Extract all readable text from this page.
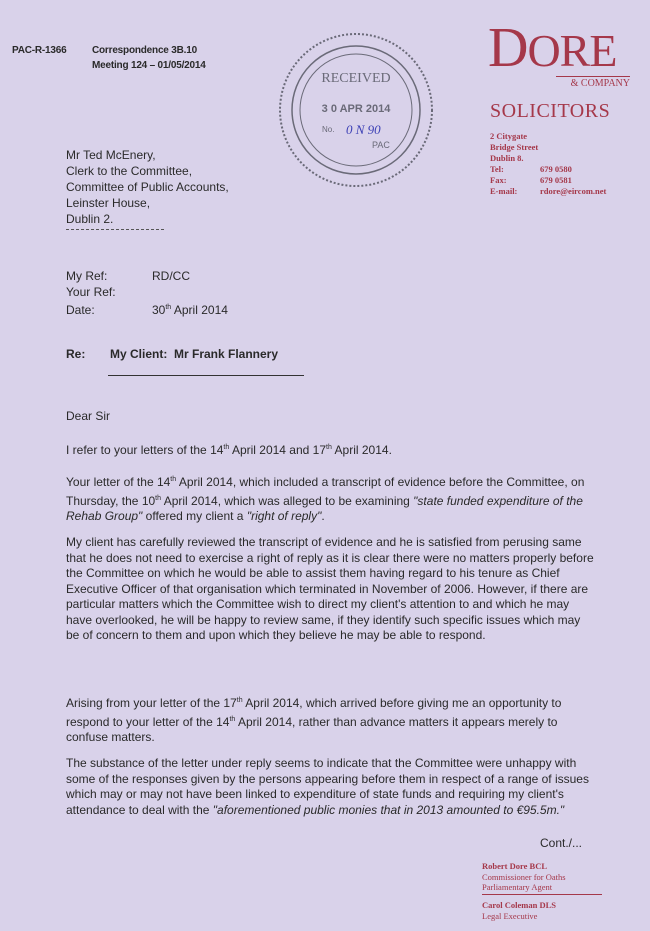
PAC-R-1366	Correspondence 3B.10
Meeting 124 – 01/05/2014
RECEIVED
3 0 APR 2014
No. 0 N 90
PAC
DORE
& COMPANY
SOLICITORS
2 Citygate
Bridge Street
Dublin 8.
Tel:	679 0580
Fax:	679 0581
E-mail:	rdore@eircom.net
Mr Ted McEnery,
Clerk to the Committee,
Committee of Public Accounts,
Leinster House,
Dublin 2.
My Ref:	RD/CC
Your Ref:
Date:	30th April 2014
Re: My Client:  Mr Frank Flannery
Dear Sir
I refer to your letters of the 14th April 2014 and 17th April 2014.
Your letter of the 14th April 2014, which included a transcript of evidence before the Committee, on Thursday, the 10th April 2014, which was alleged to be examining "state funded expenditure of the Rehab Group" offered my client a "right of reply".
My client has carefully reviewed the transcript of evidence and he is satisfied from perusing same that he does not need to exercise a right of reply as it is clear there were no matters properly before the Committee on which he would be able to assist them having regard to his tenure as Chief Executive Officer of that organisation which terminated in November of 2006. However, if there are particular matters which the Committee wish to direct my client's attention to and which he may have overlooked, he will be happy to review same, if they identify such specific issues which may be of concern to them and upon which they believe he may be able to respond.
Arising from your letter of the 17th April 2014, which arrived before giving me an opportunity to respond to your letter of the 14th April 2014, rather than advance matters it appears merely to confuse matters.
The substance of the letter under reply seems to indicate that the Committee were unhappy with some of the responses given by the persons appearing before them in respect of a range of issues which may or may not have been linked to expenditure of state funds and requiring my client's attendance to deal with the "aforementioned public monies that in 2013 amounted to €95.5m."
Cont./...
Robert Dore BCL
Commissioner for Oaths
Parliamentary Agent
Carol Coleman DLS
Legal Executive
